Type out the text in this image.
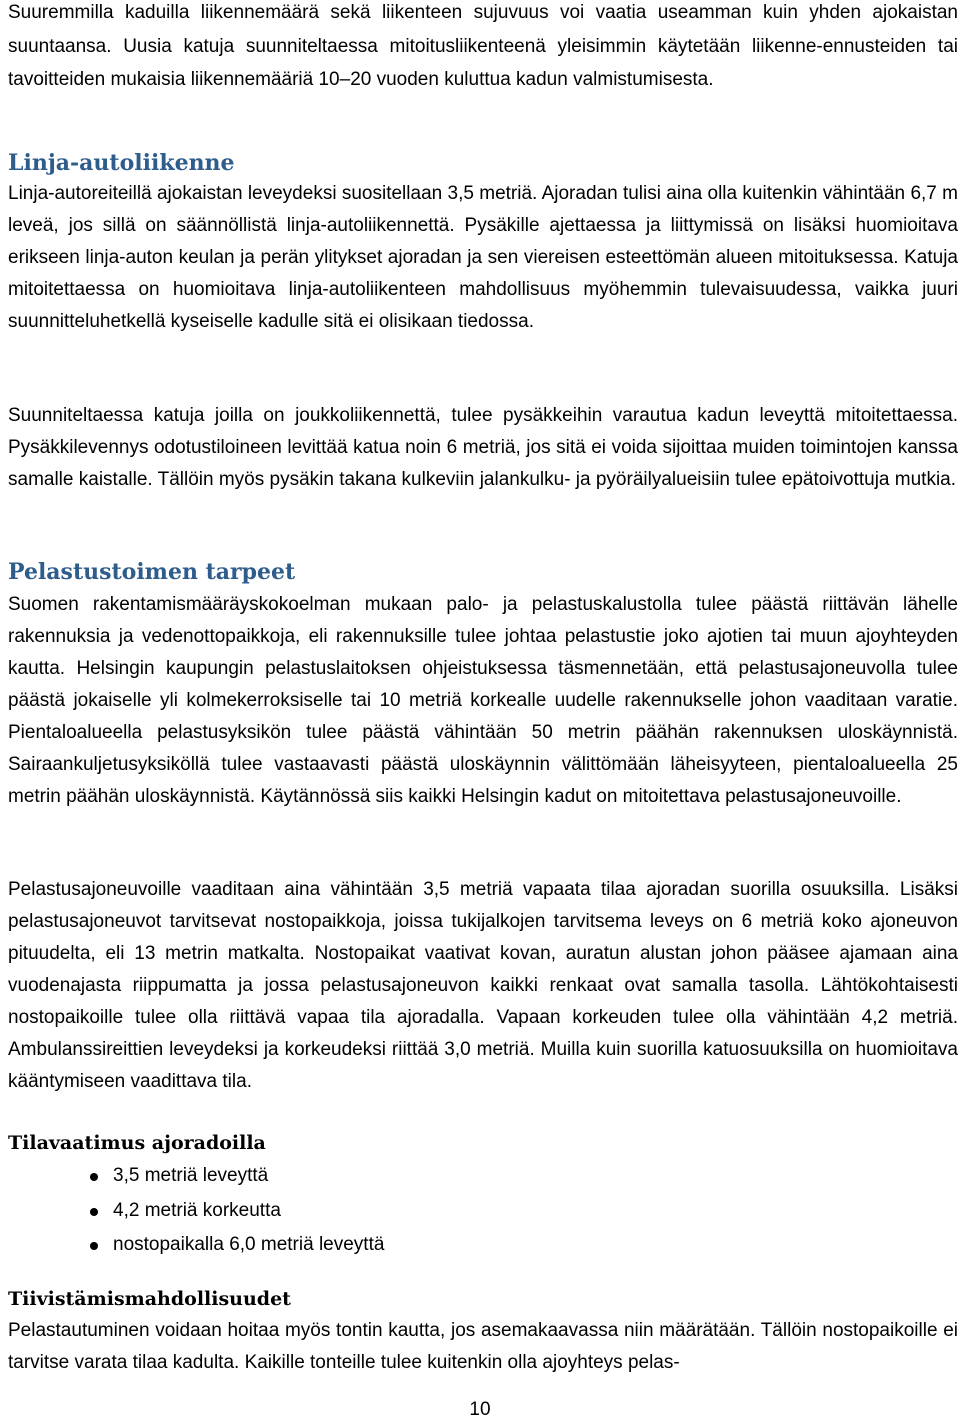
Suuremmilla kaduilla liikennemäärä sekä liikenteen sujuvuus voi vaatia useamman kuin yhden ajokaistan suuntaansa. Uusia katuja suunniteltaessa mitoitusliikenteenä yleisimmin käytetään liikenne-ennusteiden tai tavoitteiden mukaisia liikennemääriä 10–20 vuoden kuluttua kadun valmistumisesta.

Linja-autoliikenne

Linja-autoreiteillä ajokaistan leveydeksi suositellaan 3,5 metriä. Ajoradan tulisi aina olla kuitenkin vähintään 6,7 m leveä, jos sillä on säännöllistä linja-autoliikennettä. Pysäkille ajettaessa ja liittymissä on lisäksi huomioitava erikseen linja-auton keulan ja perän ylitykset ajoradan ja sen viereisen esteettömän alueen mitoituksessa. Katuja mitoitettaessa on huomioitava linja-autoliikenteen mahdollisuus myöhemmin tulevaisuudessa, vaikka juuri suunnitteluhetkellä kyseiselle kadulle sitä ei olisikaan tiedossa.

Suunniteltaessa katuja joilla on joukkoliikennettä, tulee pysäkkeihin varautua kadun leveyttä mitoitettaessa. Pysäkkilevennys odotustiloineen levittää katua noin 6 metriä, jos sitä ei voida sijoittaa muiden toimintojen kanssa samalle kaistalle. Tällöin myös pysäkin takana kulkeviin jalankulku- ja pyöräilyalueisiin tulee epätoivottuja mutkia.

Pelastustoimen tarpeet

Suomen rakentamismääräyskokoelman mukaan palo- ja pelastuskalustolla tulee päästä riittävän lähelle rakennuksia ja vedenottopaikkoja, eli rakennuksille tulee johtaa pelastustie joko ajotien tai muun ajoyhteyden kautta. Helsingin kaupungin pelastuslaitoksen ohjeistuksessa täsmennetään, että pelastusajoneuvolla tulee päästä jokaiselle yli kolmekerroksiselle tai 10 metriä korkealle uudelle rakennukselle johon vaaditaan varatie. Pientaloalueella pelastusyksikön tulee päästä vähintään 50 metrin päähän rakennuksen uloskäynnistä. Sairaankuljetusyksiköllä tulee vastaavasti päästä uloskäynnin välittömään läheisyyteen, pientaloalueella 25 metrin päähän uloskäynnistä. Käytännössä siis kaikki Helsingin kadut on mitoitettava pelastusajoneuvoille.

Pelastusajoneuvoille vaaditaan aina vähintään 3,5 metriä vapaata tilaa ajoradan suorilla osuuksilla. Lisäksi pelastusajoneuvot tarvitsevat nostopaikkoja, joissa tukijalkojen tarvitsema leveys on 6 metriä koko ajoneuvon pituudelta, eli 13 metrin matkalta. Nostopaikat vaativat kovan, auratun alustan johon pääsee ajamaan aina vuodenajasta riippumatta ja jossa pelastusajoneuvon kaikki renkaat ovat samalla tasolla. Lähtökohtaisesti nostopaikoille tulee olla riittävä vapaa tila ajoradalla. Vapaan korkeuden tulee olla vähintään 4,2 metriä. Ambulanssireittien leveydeksi ja korkeudeksi riittää 3,0 metriä. Muilla kuin suorilla katuosuuksilla on huomioitava kääntymiseen vaadittava tila.

Tilavaatimus ajoradoilla
3,5 metriä leveyttä
4,2 metriä korkeutta
nostopaikalla 6,0 metriä leveyttä
Tiivistämismahdollisuudet

Pelastautuminen voidaan hoitaa myös tontin kautta, jos asemakaavassa niin määrätään. Tällöin nostopaikoille ei tarvitse varata tilaa kadulta. Kaikille tonteille tulee kuitenkin olla ajoyhteys pelas-

10
